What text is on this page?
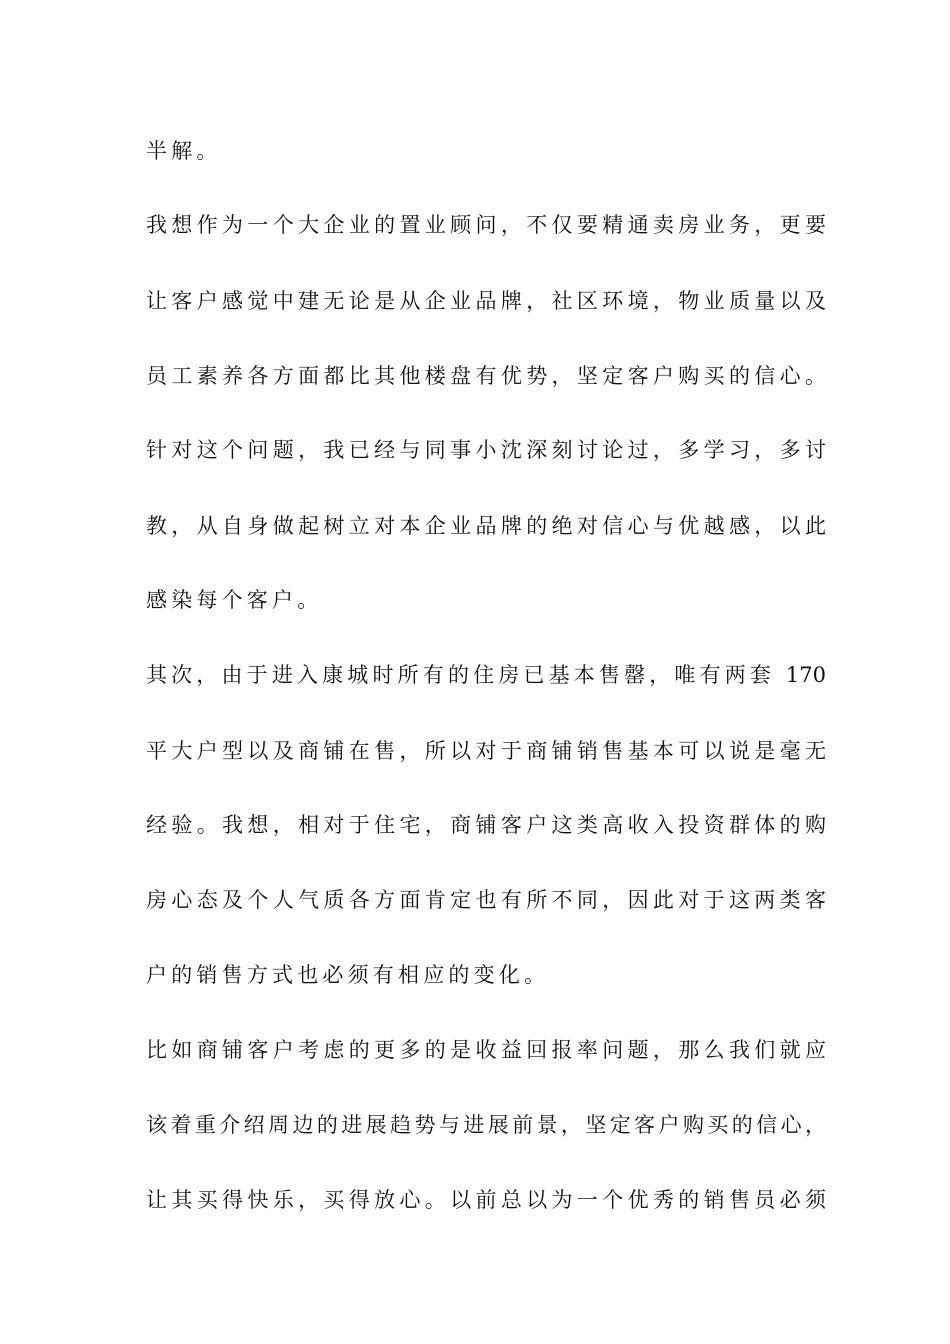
半解。
我想作为一个大企业的置业顾问，不仅要精通卖房业务，更要
让客户感觉中建无论是从企业品牌，社区环境，物业质量以及
员工素养各方面都比其他楼盘有优势，坚定客户购买的信心。
针对这个问题，我已经与同事小沈深刻讨论过，多学习，多讨
教，从自身做起树立对本企业品牌的绝对信心与优越感，以此
感染每个客户。
其次，由于进入康城时所有的住房已基本售罄，唯有两套 170
平大户型以及商铺在售，所以对于商铺销售基本可以说是毫无
经验。我想，相对于住宅，商铺客户这类高收入投资群体的购
房心态及个人气质各方面肯定也有所不同，因此对于这两类客
户的销售方式也必须有相应的变化。
比如商铺客户考虑的更多的是收益回报率问题，那么我们就应
该着重介绍周边的进展趋势与进展前景，坚定客户购买的信心，
让其买得快乐，买得放心。以前总以为一个优秀的销售员必须
